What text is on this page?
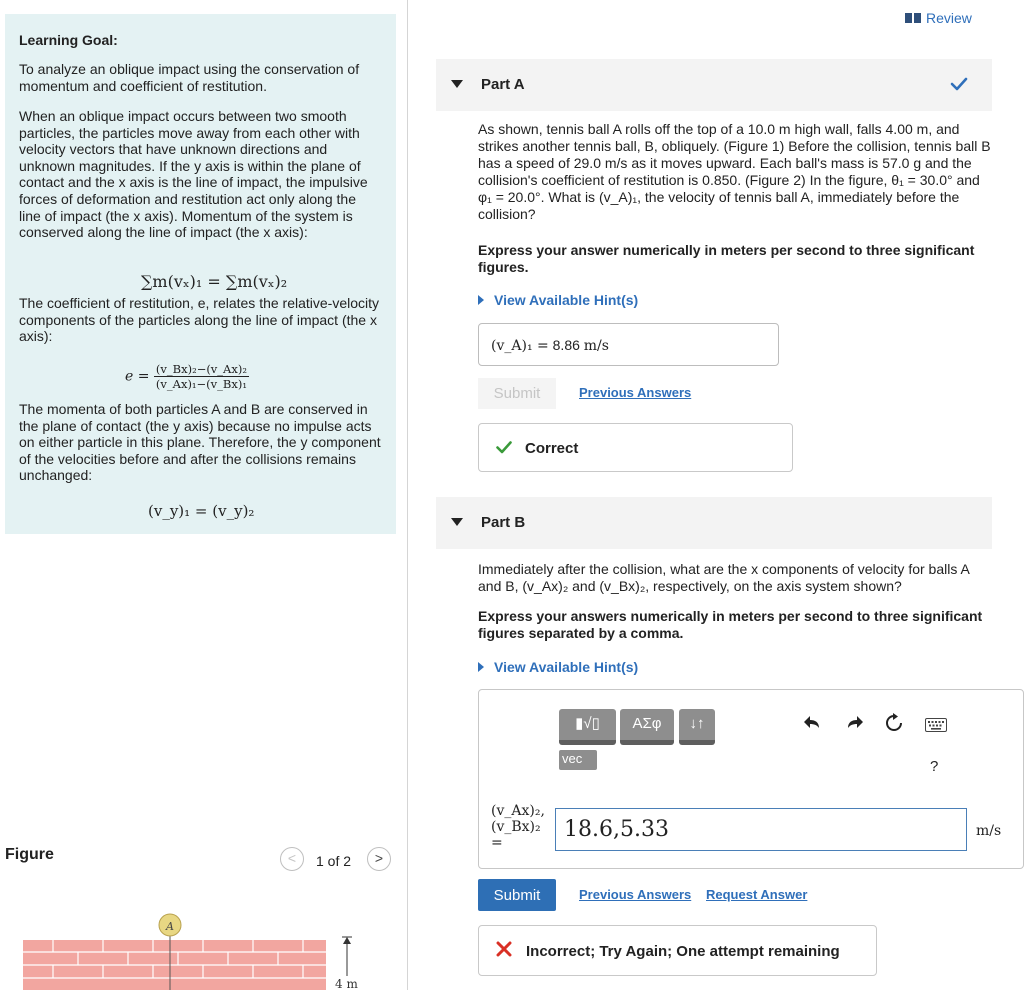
Learning Goal:
To analyze an oblique impact using the conservation of momentum and coefficient of restitution.
When an oblique impact occurs between two smooth particles, the particles move away from each other with velocity vectors that have unknown directions and unknown magnitudes. If the y axis is within the plane of contact and the x axis is the line of impact, the impulsive forces of deformation and restitution act only along the line of impact (the x axis). Momentum of the system is conserved along the line of impact (the x axis):
∑m(vₓ)₁ = ∑m(vₓ)₂
The coefficient of restitution, e, relates the relative-velocity components of the particles along the line of impact (the x axis):
$e = \frac{\text{(v\_Bx)₂−(v\_Ax)₂}}{\text{(v\_Ax)₁−(v\_Bx)₁}}$
The momenta of both particles A and B are conserved in the plane of contact (the y axis) because no impulse acts on either particle in this plane. Therefore, the y component of the velocities before and after the collisions remains unchanged:
(v_y)₁ = (v_y)₂
Figure	<	1 of 2	>
A
4 m
Review
Part A
As shown, tennis ball A rolls off the top of a 10.0 m high wall, falls 4.00 m, and strikes another tennis ball, B, obliquely. (Figure 1) Before the collision, tennis ball B has a speed of 29.0 m/s as it moves upward. Each ball's mass is 57.0 g and the collision's coefficient of restitution is 0.850. (Figure 2) In the figure, θ₁ = 30.0° and φ₁ = 20.0°. What is (v_A)₁, the velocity of tennis ball A, immediately before the collision?
Express your answer numerically in meters per second to three significant figures.
View Available Hint(s)
(v_A)₁ = 8.86 m/s
Submit	Previous Answers
Correct
Part B
Immediately after the collision, what are the x components of velocity for balls A and B, (v_Ax)₂ and (v_Bx)₂, respectively, on the axis system shown?
Express your answers numerically in meters per second to three significant figures separated by a comma.
View Available Hint(s)
▮√▯	ΑΣφ	↓↑
vec	?
(v_Ax)₂,
(v_Bx)₂
=
18.6,5.33
m/s
Submit	Previous Answers Request Answer
Incorrect; Try Again; One attempt remaining
